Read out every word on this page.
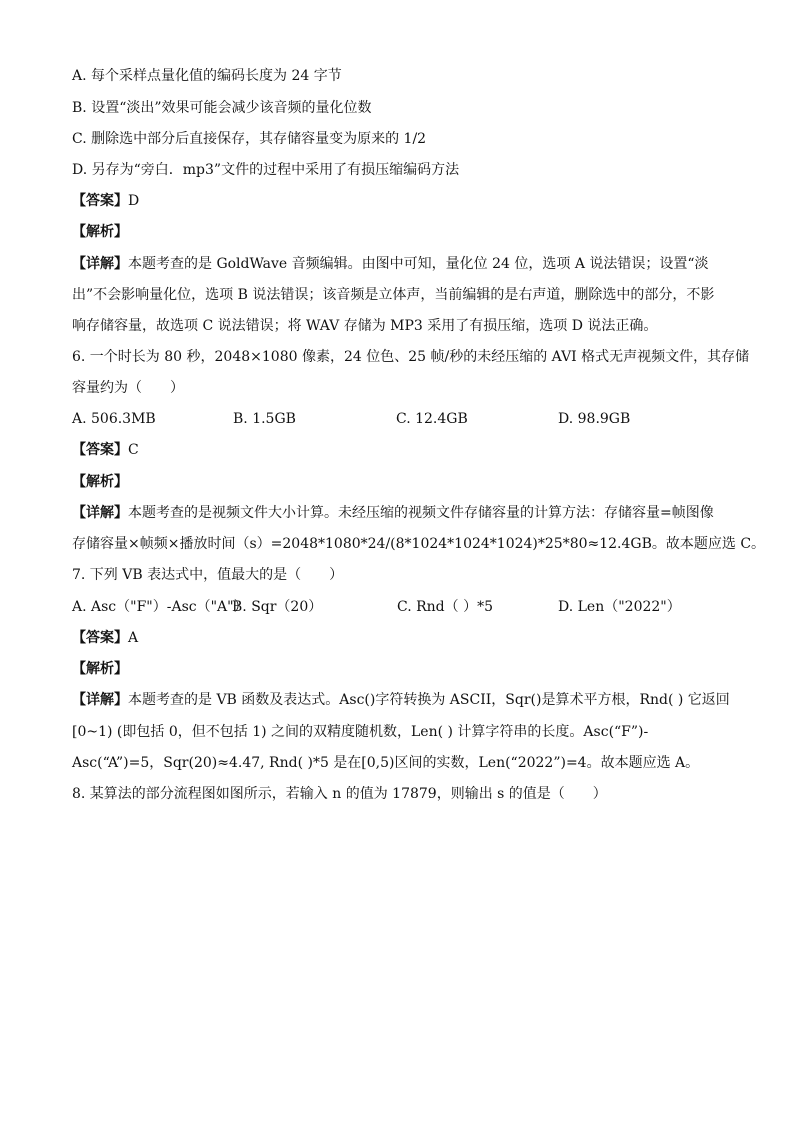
A. 每个采样点量化值的编码长度为 24 字节
B. 设置“淡出”效果可能会减少该音频的量化位数
C. 删除选中部分后直接保存，其存储容量变为原来的 1/2
D. 另存为“旁白．mp3”文件的过程中采用了有损压缩编码方法
【答案】D
【解析】
【详解】本题考查的是 GoldWave 音频编辑。由图中可知，量化位 24 位，选项 A 说法错误；设置“淡
出”不会影响量化位，选项 B 说法错误；该音频是立体声，当前编辑的是右声道，删除选中的部分，不影
响存储容量，故选项 C 说法错误；将 WAV 存储为 MP3 采用了有损压缩，选项 D 说法正确。
6. 一个时长为 80 秒，2048×1080 像素，24 位色、25 帧/秒的未经压缩的 AVI 格式无声视频文件，其存储
容量约为（　　）
A. 506.3MB	B. 1.5GB	C. 12.4GB	D. 98.9GB
【答案】C
【解析】
【详解】本题考查的是视频文件大小计算。未经压缩的视频文件存储容量的计算方法：存储容量=帧图像
存储容量×帧频×播放时间（s）=2048*1080*24/(8*1024*1024*1024)*25*80≈12.4GB。故本题应选 C。
7. 下列 VB 表达式中，值最大的是（　　）
A. Asc（"F"）-Asc（"A"）
B. Sqr（20）	C. Rnd（ ）*5	D. Len（"2022"）
【答案】A
【解析】
【详解】本题考查的是 VB 函数及表达式。Asc()字符转换为 ASCII，Sqr()是算术平方根，Rnd( ) 它返回
[0~1) (即包括 0，但不包括 1) 之间的双精度随机数，Len( ) 计算字符串的长度。Asc(“F”)-
Asc(“A”)=5，Sqr(20)≈4.47, Rnd( )*5 是在[0,5)区间的实数，Len(“2022”)=4。故本题应选 A。
8. 某算法的部分流程图如图所示，若输入 n 的值为 17879，则输出 s 的值是（　　）
